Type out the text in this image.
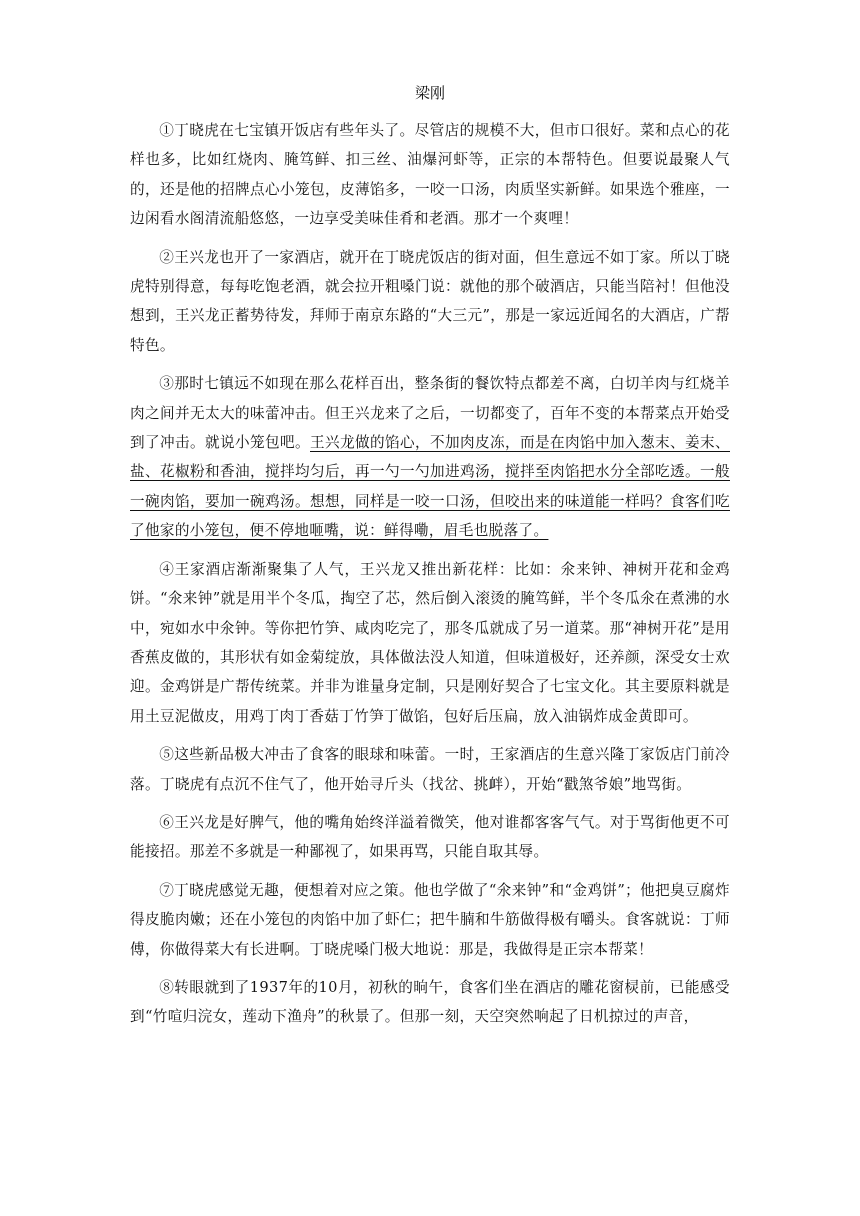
梁刚

①丁晓虎在七宝镇开饭店有些年头了。尽管店的规模不大，但市口很好。菜和点心的花样也多，比如红烧肉、腌笃鲜、扣三丝、油爆河虾等，正宗的本帮特色。但要说最聚人气的，还是他的招牌点心小笼包，皮薄馅多，一咬一口汤，肉质坚实新鲜。如果选个雅座，一边闲看水阁清流船悠悠，一边享受美味佳肴和老酒。那才一个爽哩！

②王兴龙也开了一家酒店，就开在丁晓虎饭店的街对面，但生意远不如丁家。所以丁晓虎特别得意，每每吃饱老酒，就会拉开粗嗓门说：就他的那个破酒店，只能当陪衬！但他没想到，王兴龙正蓄势待发，拜师于南京东路的“大三元”，那是一家远近闻名的大酒店，广帮特色。

③那时七镇远不如现在那么花样百出，整条街的餐饮特点都差不离，白切羊肉与红烧羊肉之间并无太大的味蕾冲击。但王兴龙来了之后，一切都变了，百年不变的本帮菜点开始受到了冲击。就说小笼包吧。王兴龙做的馅心，不加肉皮冻，而是在肉馅中加入葱末、姜末、盐、花椒粉和香油，搅拌均匀后，再一勺一勺加进鸡汤，搅拌至肉馅把水分全部吃透。一般一碗肉馅，要加一碗鸡汤。想想，同样是一咬一口汤，但咬出来的味道能一样吗？食客们吃了他家的小笼包，便不停地咂嘴，说：鲜得嘞，眉毛也脱落了。

④王家酒店渐渐聚集了人气，王兴龙又推出新花样：比如：氽来钟、神树开花和金鸡饼。“氽来钟”就是用半个冬瓜，掏空了芯，然后倒入滚烫的腌笃鲜，半个冬瓜氽在煮沸的水中，宛如水中氽钟。等你把竹笋、咸肉吃完了，那冬瓜就成了另一道菜。那“神树开花”是用香蕉皮做的，其形状有如金菊绽放，具体做法没人知道，但味道极好，还养颜，深受女士欢迎。金鸡饼是广帮传统菜。并非为谁量身定制，只是刚好契合了七宝文化。其主要原料就是用土豆泥做皮，用鸡丁肉丁香菇丁竹笋丁做馅，包好后压扁，放入油锅炸成金黄即可。

⑤这些新品极大冲击了食客的眼球和味蕾。一时，王家酒店的生意兴隆丁家饭店门前冷落。丁晓虎有点沉不住气了，他开始寻斤头（找岔、挑衅），开始“戳煞爷娘”地骂街。

⑥王兴龙是好脾气，他的嘴角始终洋溢着微笑，他对谁都客客气气。对于骂街他更不可能接招。那差不多就是一种鄙视了，如果再骂，只能自取其辱。

⑦丁晓虎感觉无趣，便想着对应之策。他也学做了“氽来钟”和“金鸡饼”；他把臭豆腐炸得皮脆肉嫩；还在小笼包的肉馅中加了虾仁；把牛腩和牛筋做得极有嚼头。食客就说：丁师傅，你做得菜大有长进啊。丁晓虎嗓门极大地说：那是，我做得是正宗本帮菜！

⑧转眼就到了1937年的10月，初秋的晌午，食客们坐在酒店的雕花窗棂前，已能感受到“竹喧归浣女，莲动下渔舟”的秋景了。但那一刻，天空突然响起了日机掠过的声音，
